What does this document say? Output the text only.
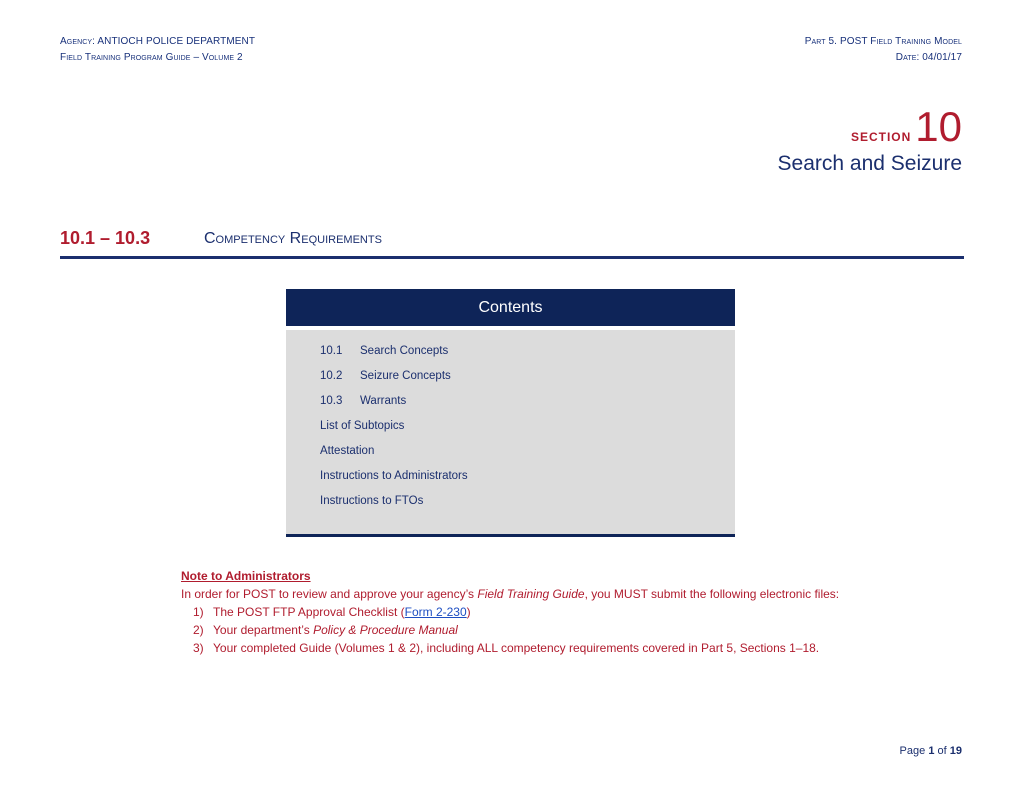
Agency: ANTIOCH POLICE DEPARTMENT
Field Training Program Guide – Volume 2
Part 5. POST Field Training Model
Date: 04/01/17
SECTION10
Search and Seizure
10.1 – 10.3	Competency Requirements
Contents
10.1 Search Concepts
10.2 Seizure Concepts
10.3 Warrants
List of Subtopics
Attestation
Instructions to Administrators
Instructions to FTOs
Note to Administrators
In order for POST to review and approve your agency’s Field Training Guide, you MUST submit the following electronic files:
1) The POST FTP Approval Checklist (Form 2-230)
2) Your department’s Policy & Procedure Manual
3) Your completed Guide (Volumes 1 & 2), including ALL competency requirements covered in Part 5, Sections 1–18.
Page 1 of 19
